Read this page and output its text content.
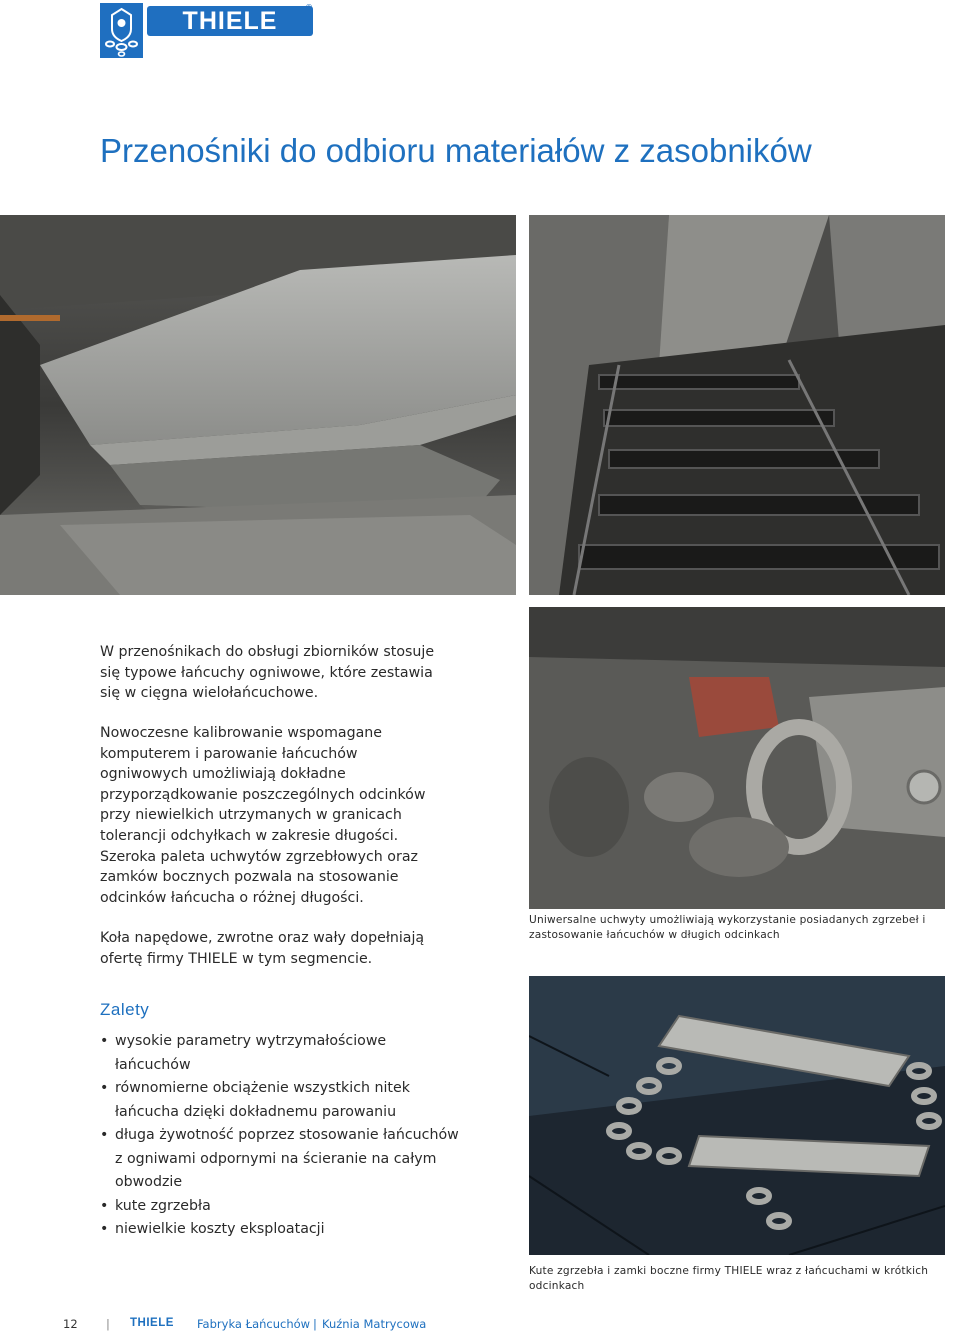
THIELE	®
Przenośniki do odbioru materiałów z zasobników
W przenośnikach do obsługi zbiorników stosuje się typowe łańcuchy ogniwowe, które zestawia się w cięgna wielołańcuchowe.
Nowoczesne kalibrowanie wspomagane komputerem i parowanie łańcuchów ogniwowych umożliwiają dokładne przyporządkowanie poszczególnych odcinków przy niewielkich utrzymanych w granicach tolerancji odchyłkach w zakresie długości. Szeroka paleta uchwytów zgrzebłowych oraz zamków bocznych pozwala na stosowanie odcinków łańcucha o różnej długości.
Koła napędowe, zwrotne oraz wały dopełniają ofertę firmy THIELE w tym segmencie.
Uniwersalne uchwyty umożliwiają wykorzystanie posiadanych zgrzebeł i zastosowanie łańcuchów w długich odcinkach
Kute zgrzebła i zamki boczne firmy THIELE wraz z łańcuchami w krótkich odcinkach
Zalety
• wysokie parametry wytrzymałościowe łańcuchów
• równomierne obciążenie wszystkich nitek łańcucha dzięki dokładnemu parowaniu
• długa żywotność poprzez stosowanie łańcuchów z ogniwami odpornymi na ścieranie na całym obwodzie
• kute zgrzebła
• niewielkie koszty eksploatacji
12 | THIELE Fabryka Łańcuchów | Kuźnia Matrycowa
